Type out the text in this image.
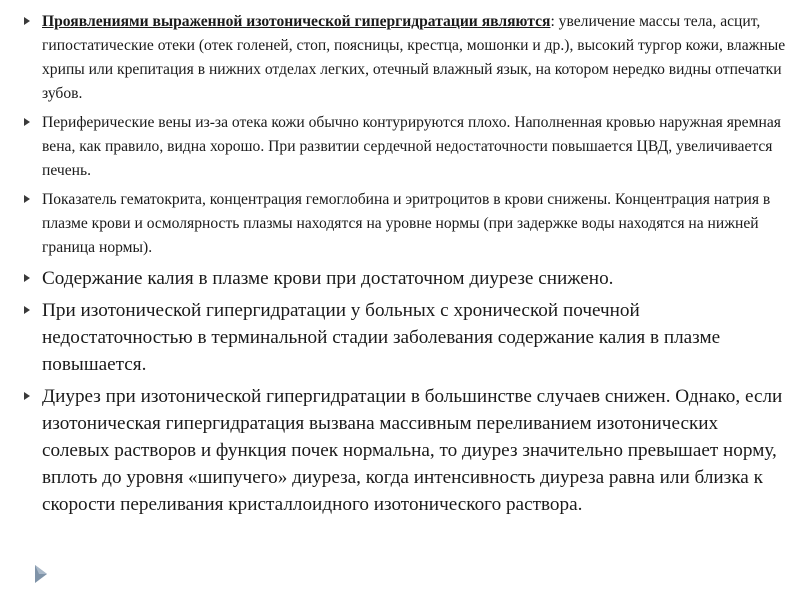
Проявлениями выраженной изотонической гипергидратации являются: увеличение массы тела, асцит, гипостатические отеки (отек голеней, стоп, поясницы, крестца, мошонки и др.), высокий тургор кожи, влажные хрипы или крепитация в нижних отделах легких, отечный влажный язык, на котором нередко видны отпечатки зубов.
Периферические вены из-за отека кожи обычно контурируются плохо. Наполненная кровью наружная яремная вена, как правило, видна хорошо. При развитии сердечной недостаточности повышается ЦВД, увеличивается печень.
Показатель гематокрита, концентрация гемоглобина и эритроцитов в крови снижены. Концентрация натрия в плазме крови и осмолярность плазмы находятся на уровне нормы (при задержке воды находятся на нижней граница нормы).
Содержание калия в плазме крови при достаточном диурезе снижено.
При изотонической гипергидратации у больных с хронической почечной недостаточностью в терминальной стадии заболевания содержание калия в плазме повышается.
Диурез при изотонической гипергидратации в большинстве случаев снижен. Однако, если изотоническая гипергидратация вызвана массивным переливанием изотонических солевых растворов и функция почек нормальна, то диурез значительно превышает норму, вплоть до уровня «шипучего» диуреза, когда интенсивность диуреза равна или близка к скорости переливания кристаллоидного изотонического раствора.
